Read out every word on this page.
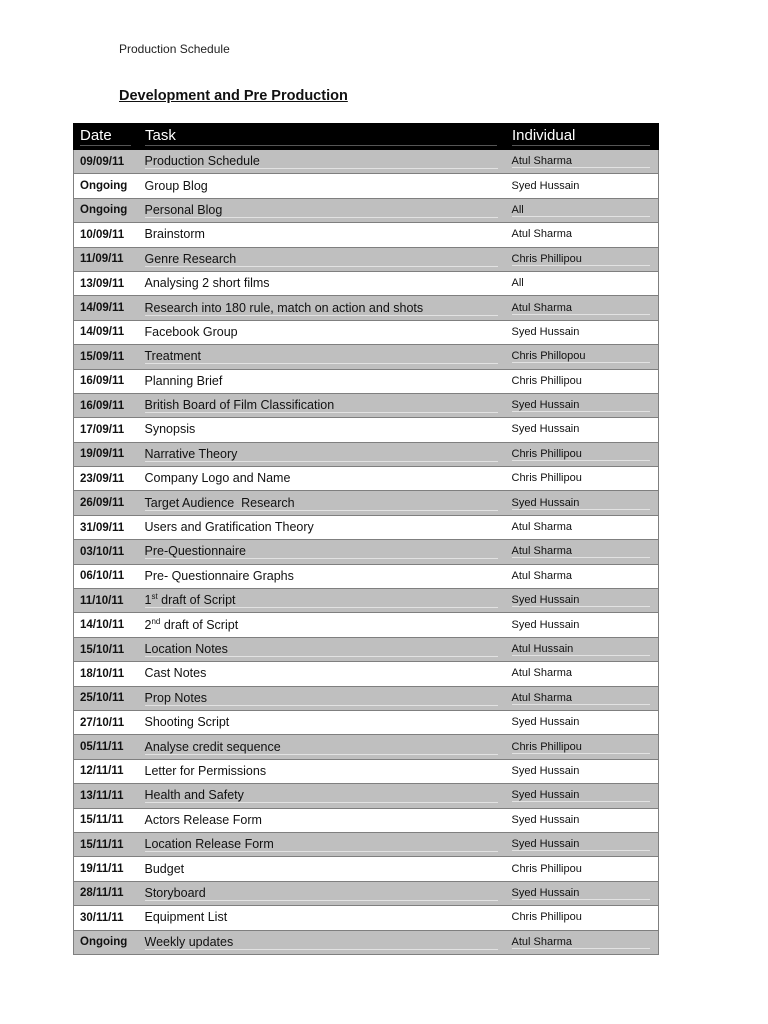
Production Schedule
Development and Pre Production
Date	Task	Individual
09/09/11	Production Schedule	Atul Sharma
Ongoing	Group Blog	Syed Hussain
Ongoing	Personal Blog	All
10/09/11	Brainstorm	Atul Sharma
11/09/11	Genre Research	Chris Phillipou
13/09/11	Analysing 2 short films	All
14/09/11	Research into 180 rule, match on action and shots	Atul Sharma
14/09/11	Facebook Group	Syed Hussain
15/09/11	Treatment	Chris Phillopou
16/09/11	Planning Brief	Chris Phillipou
16/09/11	British Board of Film Classification	Syed Hussain
17/09/11	Synopsis	Syed Hussain
19/09/11	Narrative Theory	Chris Phillipou
23/09/11	Company Logo and Name	Chris Phillipou
26/09/11	Target Audience  Research	Syed Hussain
31/09/11	Users and Gratification Theory	Atul Sharma
03/10/11	Pre-Questionnaire	Atul Sharma
06/10/11	Pre- Questionnaire Graphs	Atul Sharma
11/10/11	1st draft of Script	Syed Hussain
14/10/11	2nd draft of Script	Syed Hussain
15/10/11	Location Notes	Atul Hussain
18/10/11	Cast Notes	Atul Sharma
25/10/11	Prop Notes	Atul Sharma
27/10/11	Shooting Script	Syed Hussain
05/11/11	Analyse credit sequence	Chris Phillipou
12/11/11	Letter for Permissions	Syed Hussain
13/11/11	Health and Safety	Syed Hussain
15/11/11	Actors Release Form	Syed Hussain
15/11/11	Location Release Form	Syed Hussain
19/11/11	Budget	Chris Phillipou
28/11/11	Storyboard	Syed Hussain
30/11/11	Equipment List	Chris Phillipou
Ongoing	Weekly updates	Atul Sharma
